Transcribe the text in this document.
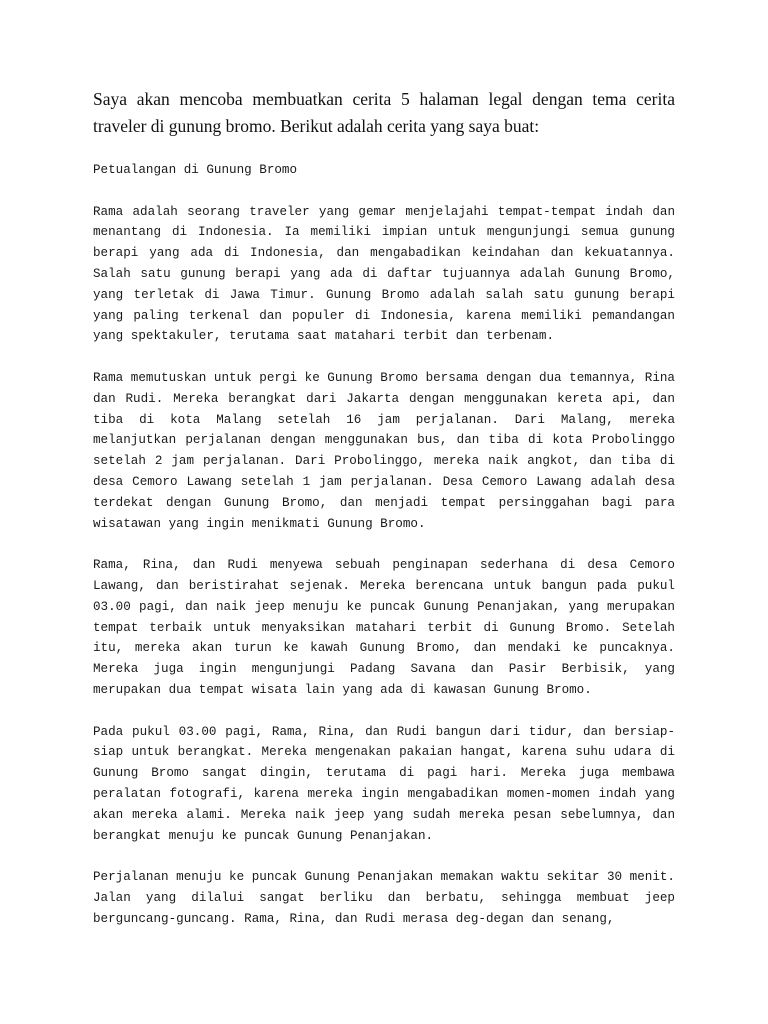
Saya akan mencoba membuatkan cerita 5 halaman legal dengan tema cerita traveler di gunung bromo. Berikut adalah cerita yang saya buat:

Petualangan di Gunung Bromo

Rama adalah seorang traveler yang gemar menjelajahi tempat-tempat indah dan menantang di Indonesia. Ia memiliki impian untuk mengunjungi semua gunung berapi yang ada di Indonesia, dan mengabadikan keindahan dan kekuatannya. Salah satu gunung berapi yang ada di daftar tujuannya adalah Gunung Bromo, yang terletak di Jawa Timur. Gunung Bromo adalah salah satu gunung berapi yang paling terkenal dan populer di Indonesia, karena memiliki pemandangan yang spektakuler, terutama saat matahari terbit dan terbenam.

Rama memutuskan untuk pergi ke Gunung Bromo bersama dengan dua temannya, Rina dan Rudi. Mereka berangkat dari Jakarta dengan menggunakan kereta api, dan tiba di kota Malang setelah 16 jam perjalanan. Dari Malang, mereka melanjutkan perjalanan dengan menggunakan bus, dan tiba di kota Probolinggo setelah 2 jam perjalanan. Dari Probolinggo, mereka naik angkot, dan tiba di desa Cemoro Lawang setelah 1 jam perjalanan. Desa Cemoro Lawang adalah desa terdekat dengan Gunung Bromo, dan menjadi tempat persinggahan bagi para wisatawan yang ingin menikmati Gunung Bromo.

Rama, Rina, dan Rudi menyewa sebuah penginapan sederhana di desa Cemoro Lawang, dan beristirahat sejenak. Mereka berencana untuk bangun pada pukul 03.00 pagi, dan naik jeep menuju ke puncak Gunung Penanjakan, yang merupakan tempat terbaik untuk menyaksikan matahari terbit di Gunung Bromo. Setelah itu, mereka akan turun ke kawah Gunung Bromo, dan mendaki ke puncaknya. Mereka juga ingin mengunjungi Padang Savana dan Pasir Berbisik, yang merupakan dua tempat wisata lain yang ada di kawasan Gunung Bromo.

Pada pukul 03.00 pagi, Rama, Rina, dan Rudi bangun dari tidur, dan bersiap-siap untuk berangkat. Mereka mengenakan pakaian hangat, karena suhu udara di Gunung Bromo sangat dingin, terutama di pagi hari. Mereka juga membawa peralatan fotografi, karena mereka ingin mengabadikan momen-momen indah yang akan mereka alami. Mereka naik jeep yang sudah mereka pesan sebelumnya, dan berangkat menuju ke puncak Gunung Penanjakan.

Perjalanan menuju ke puncak Gunung Penanjakan memakan waktu sekitar 30 menit. Jalan yang dilalui sangat berliku dan berbatu, sehingga membuat jeep berguncang-guncang. Rama, Rina, dan Rudi merasa deg-degan dan senang,
